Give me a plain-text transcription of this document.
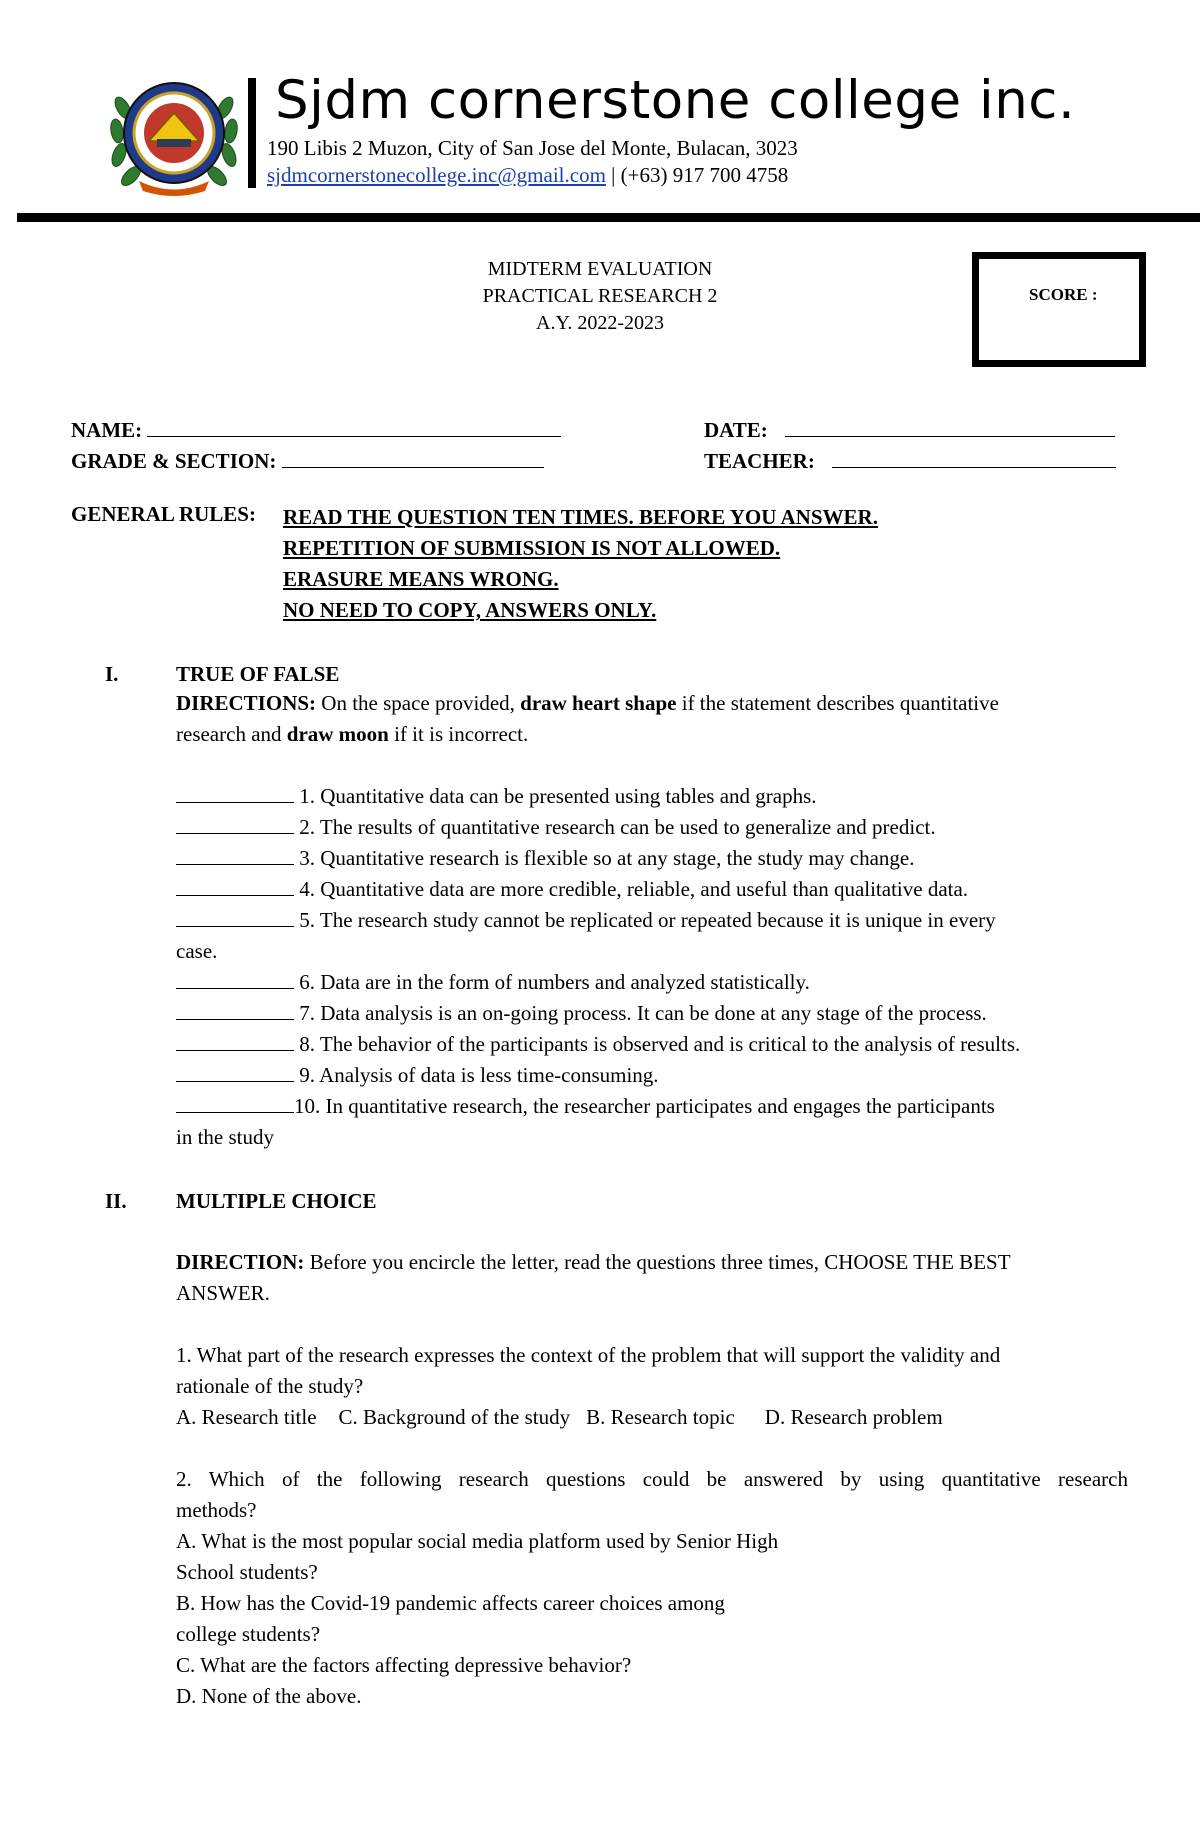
Sjdm cornerstone college inc.
190 Libis 2 Muzon, City of San Jose del Monte, Bulacan, 3023
sjdmcornerstonecollege.inc@gmail.com | (+63) 917 700 4758
MIDTERM EVALUATION
PRACTICAL RESEARCH 2
A.Y. 2022-2023
SCORE :
NAME:	DATE:
GRADE & SECTION:	TEACHER:
GENERAL RULES: READ THE QUESTION TEN TIMES. BEFORE YOU ANSWER.
REPETITION OF SUBMISSION IS NOT ALLOWED.
ERASURE MEANS WRONG.
NO NEED TO COPY, ANSWERS ONLY.
I.	TRUE OF FALSE
DIRECTIONS: On the space provided, draw heart shape if the statement describes quantitative
research and draw moon if it is incorrect.
1. Quantitative data can be presented using tables and graphs.
2. The results of quantitative research can be used to generalize and predict.
3. Quantitative research is flexible so at any stage, the study may change.
4. Quantitative data are more credible, reliable, and useful than qualitative data.
5. The research study cannot be replicated or repeated because it is unique in every
case.
6. Data are in the form of numbers and analyzed statistically.
7. Data analysis is an on-going process. It can be done at any stage of the process.
8. The behavior of the participants is observed and is critical to the analysis of results.
9. Analysis of data is less time-consuming.
10. In quantitative research, the researcher participates and engages the participants
in the study
II. MULTIPLE CHOICE
DIRECTION: Before you encircle the letter, read the questions three times, CHOOSE THE BEST
ANSWER.
1. What part of the research expresses the context of the problem that will support the validity and
rationale of the study?
A. Research title C. Background of the study B. Research topic D. Research problem
2. Which of the following research questions could be answered by using quantitative research
methods?
A. What is the most popular social media platform used by Senior High
School students?
B. How has the Covid-19 pandemic affects career choices among
college students?
C. What are the factors affecting depressive behavior?
D. None of the above.
